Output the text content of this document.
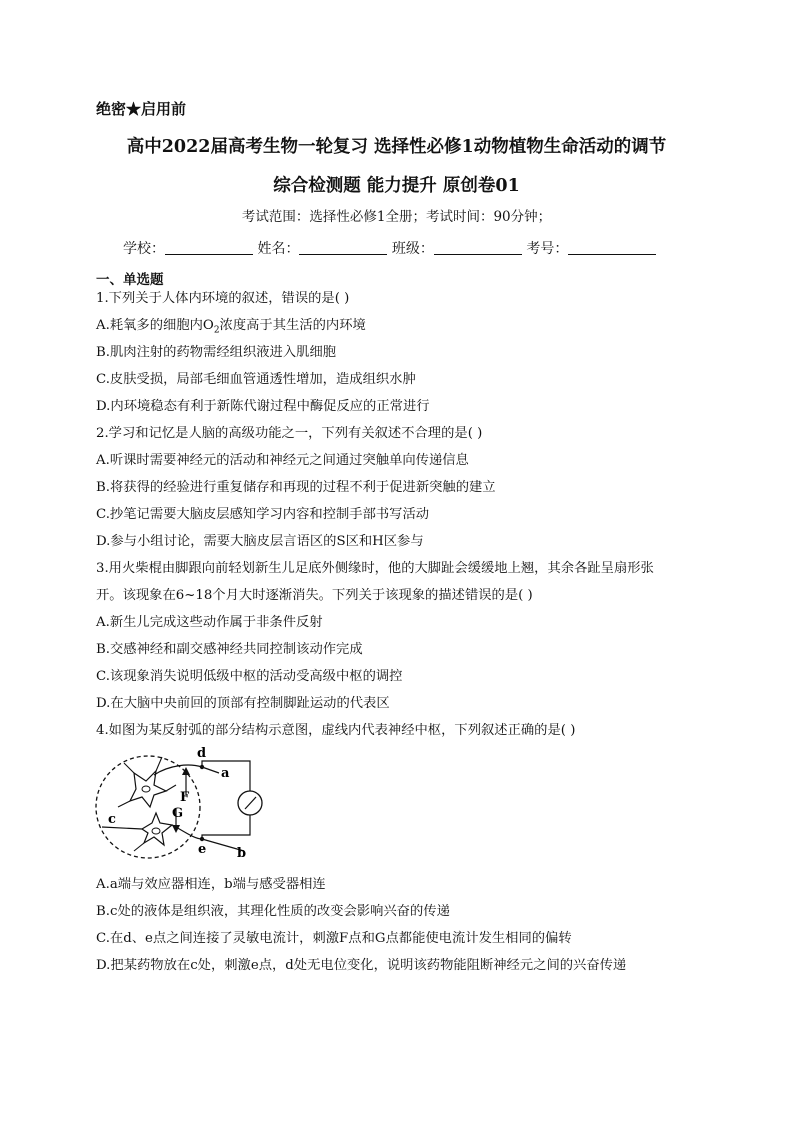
绝密★启用前
高中2022届高考生物一轮复习 选择性必修1动物植物生命活动的调节
综合检测题 能力提升 原创卷01
考试范围：选择性必修1全册；考试时间：90分钟；
学校：	姓名：	班级：	考号：
一、单选题
1.下列关于人体内环境的叙述，错误的是( )
A.耗氧多的细胞内$O_2$浓度高于其生活的内环境
B.肌肉注射的药物需经组织液进入肌细胞
C.皮肤受损，局部毛细血管通透性增加，造成组织水肿
D.内环境稳态有利于新陈代谢过程中酶促反应的正常进行
2.学习和记忆是人脑的高级功能之一，下列有关叙述不合理的是( )
A.听课时需要神经元的活动和神经元之间通过突触单向传递信息
B.将获得的经验进行重复储存和再现的过程不利于促进新突触的建立
C.抄笔记需要大脑皮层感知学习内容和控制手部书写活动
D.参与小组讨论，需要大脑皮层言语区的S区和H区参与
3.用火柴棍由脚跟向前轻划新生儿足底外侧缘时，他的大脚趾会缓缓地上翘，其余各趾呈扇形张
开。该现象在6~18个月大时逐渐消失。下列关于该现象的描述错误的是( )
A.新生儿完成这些动作属于非条件反射
B.交感神经和副交感神经共同控制该动作完成
C.该现象消失说明低级中枢的活动受高级中枢的调控
D.在大脑中央前回的顶部有控制脚趾运动的代表区
4.如图为某反射弧的部分结构示意图，虚线内代表神经中枢，下列叙述正确的是( )
d
a
F
G
c
e b
A.a端与效应器相连，b端与感受器相连
B.c处的液体是组织液，其理化性质的改变会影响兴奋的传递
C.在d、e点之间连接了灵敏电流计，刺激F点和G点都能使电流计发生相同的偏转
D.把某药物放在c处，刺激e点，d处无电位变化，说明该药物能阻断神经元之间的兴奋传递
